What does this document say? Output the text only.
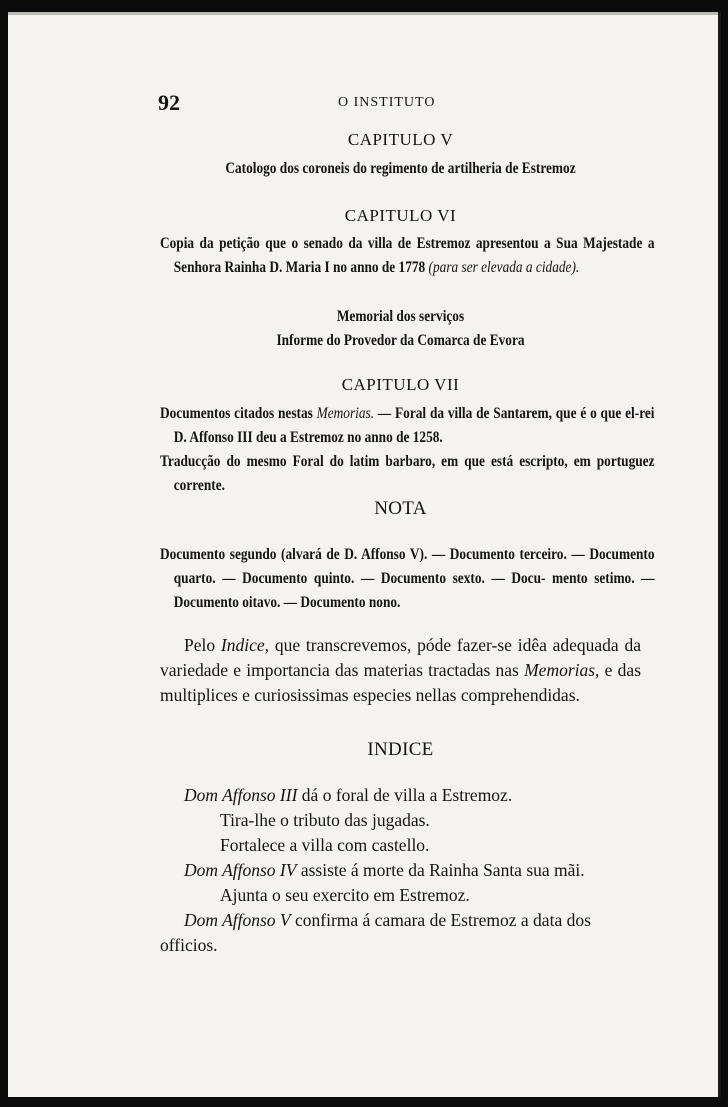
92	O INSTITUTO
CAPITULO V
Catologo dos coroneis do regimento de artilheria de Estremoz
CAPITULO VI
Copia da petição que o senado da villa de Estremoz apresentou a Sua Majestade a Senhora Rainha D. Maria I no anno de 1778 (para ser elevada a cidade).
Memorial dos serviços
Informe do Provedor da Comarca de Evora
CAPITULO VII
Documentos citados nestas Memorias. — Foral da villa de Santarem, que é o que el-rei D. Affonso III deu a Estremoz no anno de 1258.
Traducção do mesmo Foral do latim barbaro, em que está escripto, em portuguez corrente.
NOTA
Documento segundo (alvará de D. Affonso V). — Documento terceiro. — Documento quarto. — Documento quinto. — Documento sexto. — Docu- mento setimo. — Documento oitavo. — Documento nono.
Pelo Indice, que transcrevemos, póde fazer-se idêa adequada da variedade e importancia das materias tractadas nas Memorias, e das multiplices e curiosissimas especies nellas comprehendidas.
INDICE
Dom Affonso III dá o foral de villa a Estremoz.
Tira-lhe o tributo das jugadas.
Fortalece a villa com castello.
Dom Affonso IV assiste á morte da Rainha Santa sua mãi.
Ajunta o seu exercito em Estremoz.
Dom Affonso V confirma á camara de Estremoz a data dos
officios.
